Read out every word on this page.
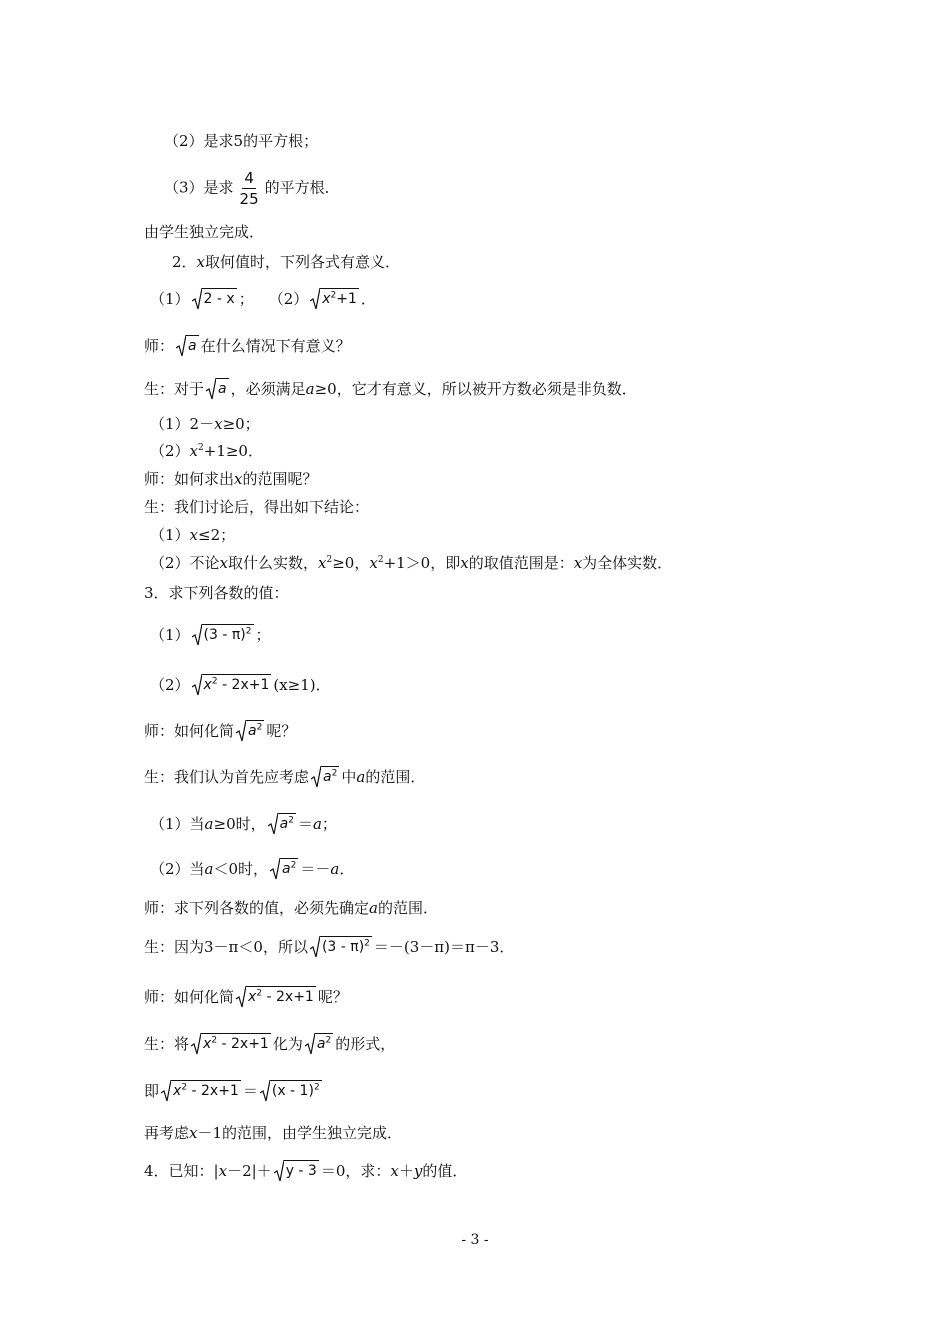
（2）是求5的平方根；
（3）是求 $\frac{4}{25}$ 的平方根．
由学生独立完成．
2．x取何值时，下列各式有意义．
（1） 2 - x ；　　（2） $x^2+1$ ．
师： a 在什么情况下有意义？
生：对于 a ，必须满足a≥0，它才有意义，所以被开方数必须是非负数．
（1）2－x≥0；
$(2)x^2+1\ge 0$．
师：如何求出x的范围呢？
生：我们讨论后，得出如下结论：
（1）x≤2；
（2）不论x取什么实数，$x^2\ge 0$，$x^2+1>0$，即x的取值范围是：x为全体实数．
3．求下列各数的值：
（1） (3 - π)$^2$ ；
（2） $x^2 - 2x+1$ (x≥1)．
师：如何化简 $a^2$ 呢？
生：我们认为首先应考虑 $a^2$ 中a的范围．
（1）当a≥0时， $a^2 =a$；
（2）当a＜0时， $a^2 =-a$．
师：求下列各数的值，必须先确定a的范围．
生：因为3－π＜0，所以 (3 - π)$^2$ ＝－(3－π)＝π－3．
师：如何化简 $x^2 - 2x+1$ 呢？
生：将 $x^2 - 2x+1$ 化为 $a^2$ 的形式，
即 $x^2 - 2x+1 = (x - 1)^2$
再考虑x－1的范围，由学生独立完成．
4．已知：|x－2|＋ y - 3 ＝0，求：x＋y的值．
- 3 -
